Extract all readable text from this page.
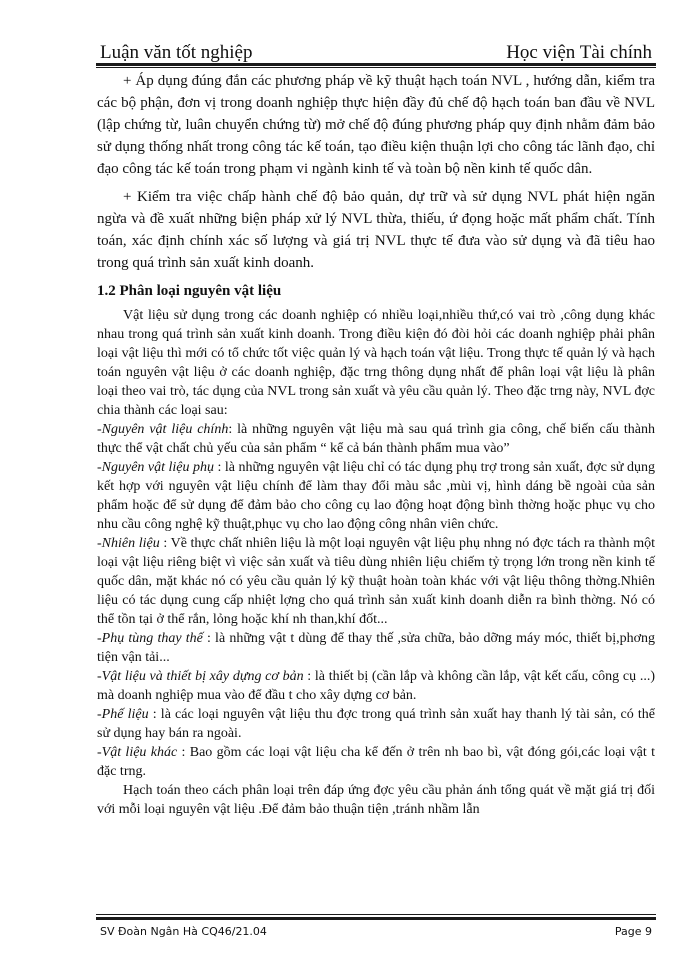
Luận văn tốt nghiệp	Học viện Tài chính

+ Áp dụng đúng đắn các phương pháp về kỹ thuật hạch toán NVL , hướng dẫn, kiểm tra các bộ phận, đơn vị trong doanh nghiệp thực hiện đầy đủ chế độ hạch toán ban đầu về NVL (lập chứng từ, luân chuyển chứng từ) mở chế độ đúng phương pháp quy định nhằm đảm bảo sử dụng thống nhất trong công tác kế toán, tạo điều kiện thuận lợi cho công tác lãnh đạo, chỉ đạo công tác kế toán trong phạm vi ngành kinh tế và toàn bộ nền kinh tế quốc dân.

+ Kiểm tra việc chấp hành chế độ bảo quản, dự trữ và sử dụng NVL phát hiện ngăn ngừa và đề xuất những biện pháp xử lý NVL thừa, thiếu, ứ đọng hoặc mất phẩm chất. Tính toán, xác định chính xác số lượng và giá trị NVL thực tế đưa vào sử dụng và đã tiêu hao trong quá trình sản xuất kinh doanh.

1.2 Phân loại nguyên vật liệu

Vật liệu sử dụng trong các doanh nghiệp có nhiều loại,nhiều thứ,có vai trò ,công dụng khác nhau trong quá trình sản xuất kinh doanh. Trong điều kiện đó đòi hỏi các doanh nghiệp phải phân loại vật liệu thì mới có tổ chức tốt việc quản lý và hạch toán vật liệu. Trong thực tế quản lý và hạch toán nguyên vật liệu ở các doanh nghiệp, đặc trng thông dụng nhất để phân loại vật liệu là phân loại theo vai trò, tác dụng của NVL trong sản xuất và yêu cầu quản lý. Theo đặc trng này, NVL đợc chia thành các loại sau:

-Nguyên vật liệu chính: là những nguyên vật liệu mà sau quá trình gia công, chế biến cấu thành thực thể vật chất chủ yếu của sản phẩm “ kể cả bán thành phẩm mua vào”

-Nguyên vật liệu phụ : là những nguyên vật liệu chỉ có tác dụng phụ trợ trong sản xuất, đợc sử dụng kết hợp với nguyên vật liệu chính để làm thay đổi màu sắc ,mùi vị, hình dáng bề ngoài của sản phẩm hoặc để sử dụng để đảm bảo cho công cụ lao động hoạt động bình thờng hoặc phục vụ cho nhu cầu công nghệ kỹ thuật,phục vụ cho lao động công nhân viên chức.

-Nhiên liệu : Về thực chất nhiên liệu là một loại nguyên vật liệu phụ nhng nó đợc tách ra thành một loại vật liệu riêng biệt vì việc sản xuất và tiêu dùng nhiên liệu chiếm tỷ trọng lớn trong nền kinh tế quốc dân, mặt khác nó có yêu cầu quản lý kỹ thuật hoàn toàn khác với vật liệu thông thờng.Nhiên liệu có tác dụng cung cấp nhiệt lợng cho quá trình sản xuất kinh doanh diễn ra bình thờng. Nó có thể tồn tại ở thể rắn, lỏng hoặc khí nh than,khí đốt...

-Phụ tùng thay thế : là những vật t dùng để thay thế ,sửa chữa, bảo dỡng máy móc, thiết bị,phơng tiện vận tải...

-Vật liệu và thiết bị xây dựng cơ bản : là thiết bị (cần lắp và không cần lắp, vật kết cấu, công cụ ...) mà doanh nghiệp mua vào để đầu t cho xây dựng cơ bản.

-Phế liệu : là các loại nguyên vật liệu thu đợc trong quá trình sản xuất hay thanh lý tài sản, có thể sử dụng hay bán ra ngoài.

-Vật liệu khác : Bao gồm các loại vật liệu cha kể đến ở trên nh bao bì, vật đóng gói,các loại vật t đặc trng.

Hạch toán theo cách phân loại trên đáp ứng đợc yêu cầu phản ánh tổng quát về mặt giá trị đối với mỗi loại nguyên vật liệu .Để đảm bảo thuận tiện ,tránh nhầm lẫn

SV Đoàn Ngân Hà CQ46/21.04	Page 9
